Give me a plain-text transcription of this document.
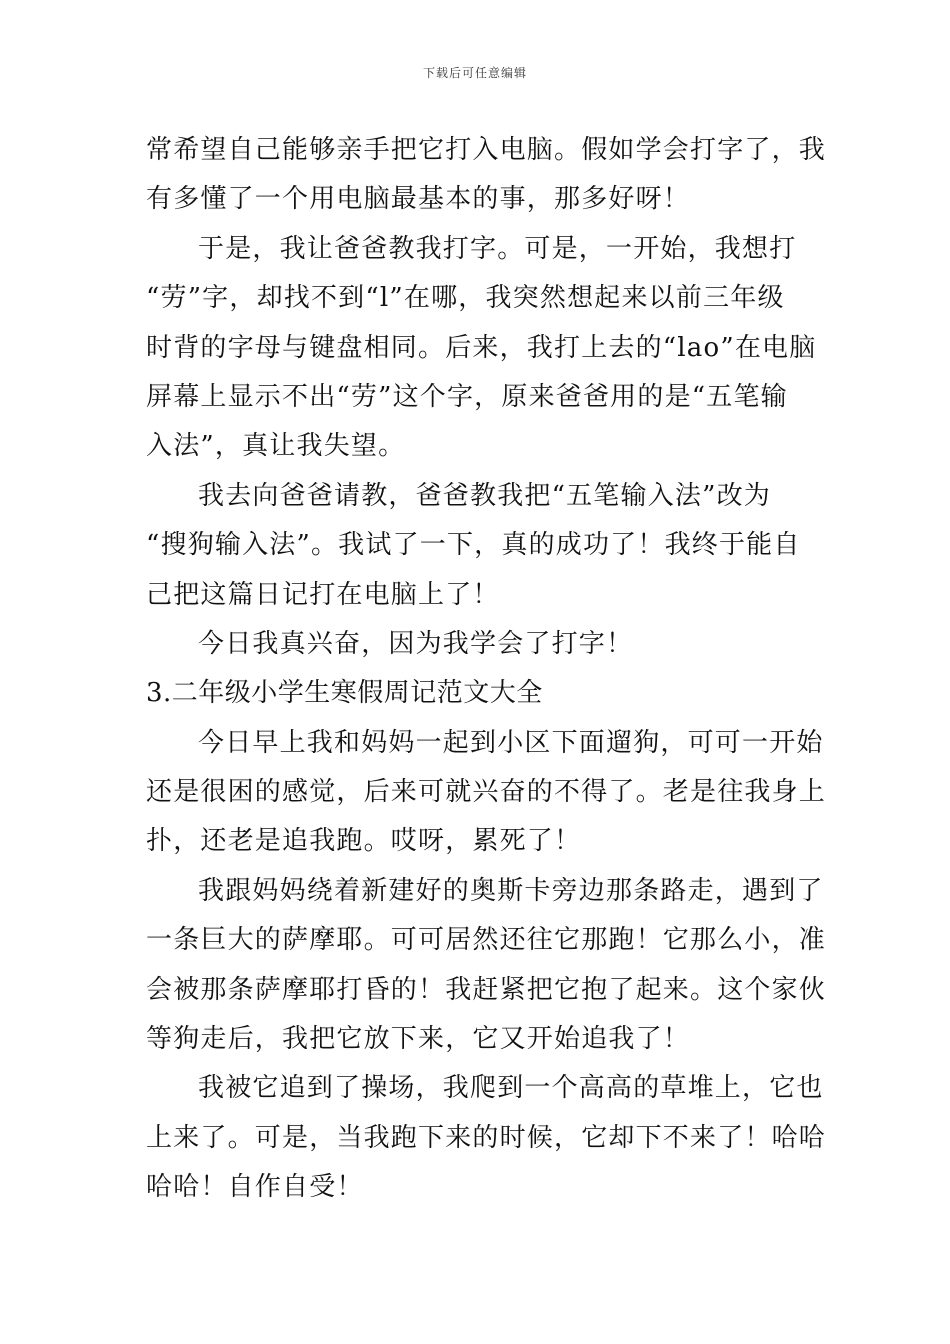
下载后可任意编辑
常希望自己能够亲手把它打入电脑。假如学会打字了，我
有多懂了一个用电脑最基本的事，那多好呀！
于是，我让爸爸教我打字。可是，一开始，我想打
“劳”字，却找不到“l”在哪，我突然想起来以前三年级
时背的字母与键盘相同。后来，我打上去的“lao”在电脑
屏幕上显示不出“劳”这个字，原来爸爸用的是“五笔输
入法”，真让我失望。
我去向爸爸请教，爸爸教我把“五笔输入法”改为
“搜狗输入法”。我试了一下，真的成功了！我终于能自
己把这篇日记打在电脑上了！
今日我真兴奋，因为我学会了打字！
3.二年级小学生寒假周记范文大全
今日早上我和妈妈一起到小区下面遛狗，可可一开始
还是很困的感觉，后来可就兴奋的不得了。老是往我身上
扑，还老是追我跑。哎呀，累死了！
我跟妈妈绕着新建好的奥斯卡旁边那条路走，遇到了
一条巨大的萨摩耶。可可居然还往它那跑！它那么小，准
会被那条萨摩耶打昏的！我赶紧把它抱了起来。这个家伙
等狗走后，我把它放下来，它又开始追我了！
我被它追到了操场，我爬到一个高高的草堆上，它也
上来了。可是，当我跑下来的时候，它却下不来了！哈哈
哈哈！自作自受！
